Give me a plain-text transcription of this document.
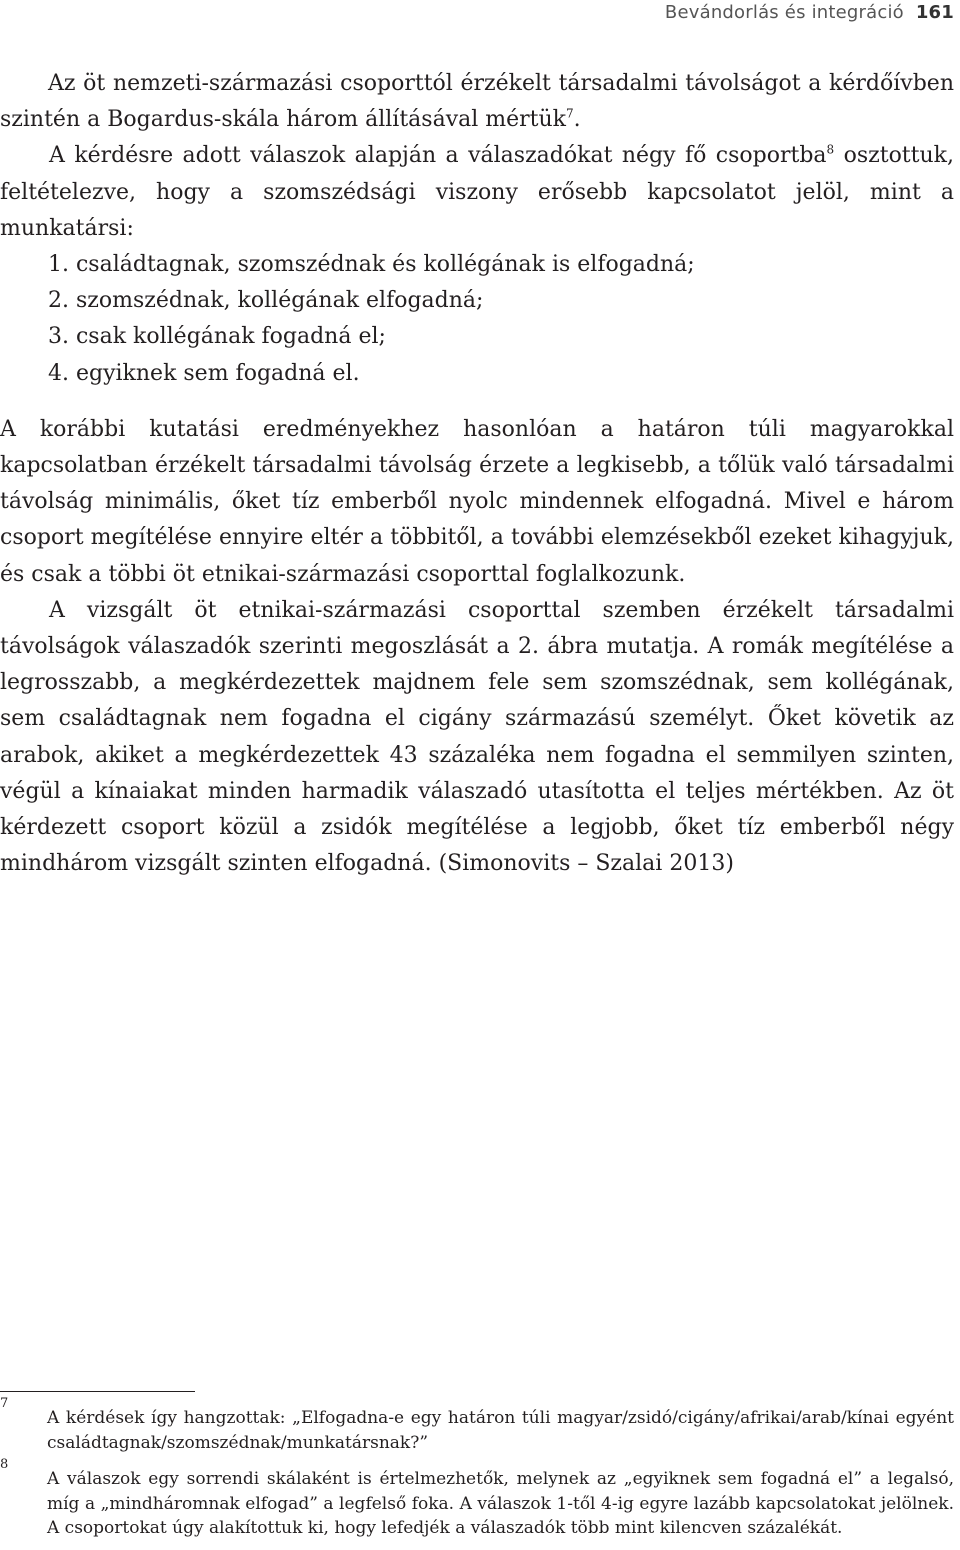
Bevándorlás és integráció 161

Az öt nemzeti-származási csoporttól érzékelt társadalmi távolságot a kérdőívben szintén a Bogardus-skála három állításával mértük$^7$.
A kérdésre adott válaszok alapján a válaszadókat négy fő csoportba$^8$ osztottuk, feltételezve, hogy a szomszédsági viszony erősebb kapcsolatot jelöl, mint a munkatársi:

1. családtagnak, szomszédnak és kollégának is elfogadná;
2. szomszédnak, kollégának elfogadná;
3. csak kollégának fogadná el;
4. egyiknek sem fogadná el.

A korábbi kutatási eredményekhez hasonlóan a határon túli magyarokkal kapcsolatban érzékelt társadalmi távolság érzete a legkisebb, a tőlük való társadalmi távolság minimális, őket tíz emberből nyolc mindennek elfogadná. Mivel e három csoport megítélése ennyire eltér a többitől, a további elemzésekből ezeket kihagyjuk, és csak a többi öt etnikai-származási csoporttal foglalkozunk.

A vizsgált öt etnikai-származási csoporttal szemben érzékelt társadalmi távolságok válaszadók szerinti megoszlását a 2. ábra mutatja. A romák megítélése a legrosszabb, a megkérdezettek majdnem fele sem szomszédnak, sem kollégának, sem családtagnak nem fogadna el cigány származású személyt. Őket követik az arabok, akiket a megkérdezettek 43 százaléka nem fogadna el semmilyen szinten, végül a kínaiakat minden harmadik válaszadó utasította el teljes mértékben. Az öt kérdezett csoport közül a zsidók megítélése a legjobb, őket tíz emberből négy mindhárom vizsgált szinten elfogadná. (Simonovits – Szalai 2013)

7
A kérdések így hangzottak: „Elfogadna-e egy határon túli magyar/zsidó/cigány/afrikai/arab/kínai egyént családtagnak/szomszédnak/munkatársnak?”
8
A válaszok egy sorrendi skálaként is értelmezhetők, melynek az „egyiknek sem fogadná el” a legalsó, míg a „mindháromnak elfogad” a legfelső foka. A válaszok 1-től 4-ig egyre lazább kapcsolatokat jelölnek. A csoportokat úgy alakítottuk ki, hogy lefedjék a válaszadók több mint kilencven százalékát.
